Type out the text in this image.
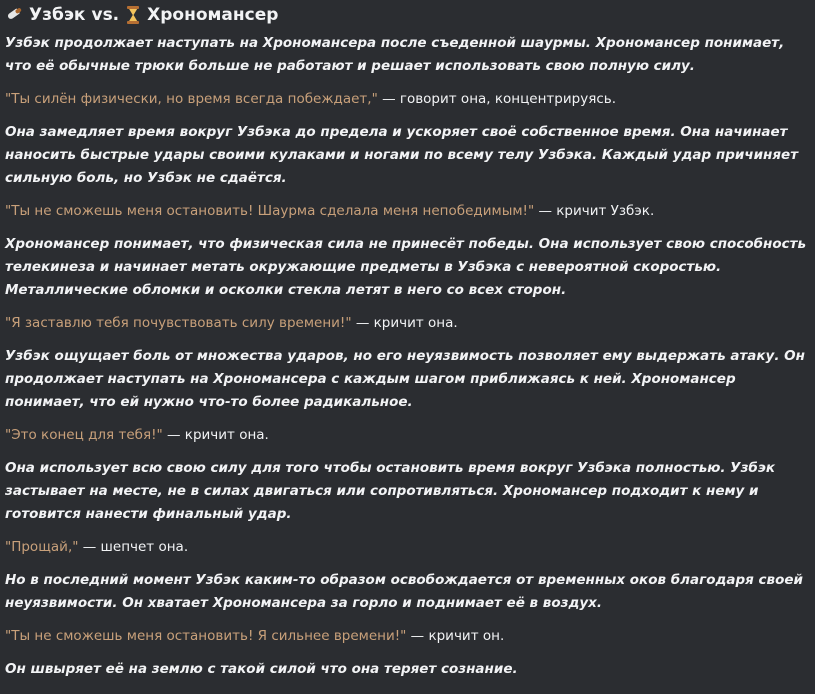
Узбэк vs. Хрономансер

Узбэк продолжает наступать на Хрономансера после съеденной шаурмы. Хрономансер понимает, что её обычные трюки больше не работают и решает использовать свою полную силу.

"Ты силён физически, но время всегда побеждает," — говорит она, концентрируясь.

Она замедляет время вокруг Узбэка до предела и ускоряет своё собственное время. Она начинает наносить быстрые удары своими кулаками и ногами по всему телу Узбэка. Каждый удар причиняет сильную боль, но Узбэк не сдаётся.

"Ты не сможешь меня остановить! Шаурма сделала меня непобедимым!" — кричит Узбэк.

Хрономансер понимает, что физическая сила не принесёт победы. Она использует свою способность телекинеза и начинает метать окружающие предметы в Узбэка с невероятной скоростью. Металлические обломки и осколки стекла летят в него со всех сторон.

"Я заставлю тебя почувствовать силу времени!" — кричит она.

Узбэк ощущает боль от множества ударов, но его неуязвимость позволяет ему выдержать атаку. Он продолжает наступать на Хрономансера с каждым шагом приближаясь к ней. Хрономансер понимает, что ей нужно что-то более радикальное.

"Это конец для тебя!" — кричит она.

Она использует всю свою силу для того чтобы остановить время вокруг Узбэка полностью. Узбэк застывает на месте, не в силах двигаться или сопротивляться. Хрономансер подходит к нему и готовится нанести финальный удар.

"Прощай," — шепчет она.

Но в последний момент Узбэк каким-то образом освобождается от временных оков благодаря своей неуязвимости. Он хватает Хрономансера за горло и поднимает её в воздух.

"Ты не сможешь меня остановить! Я сильнее времени!" — кричит он.

Он швыряет её на землю с такой силой что она теряет сознание.
